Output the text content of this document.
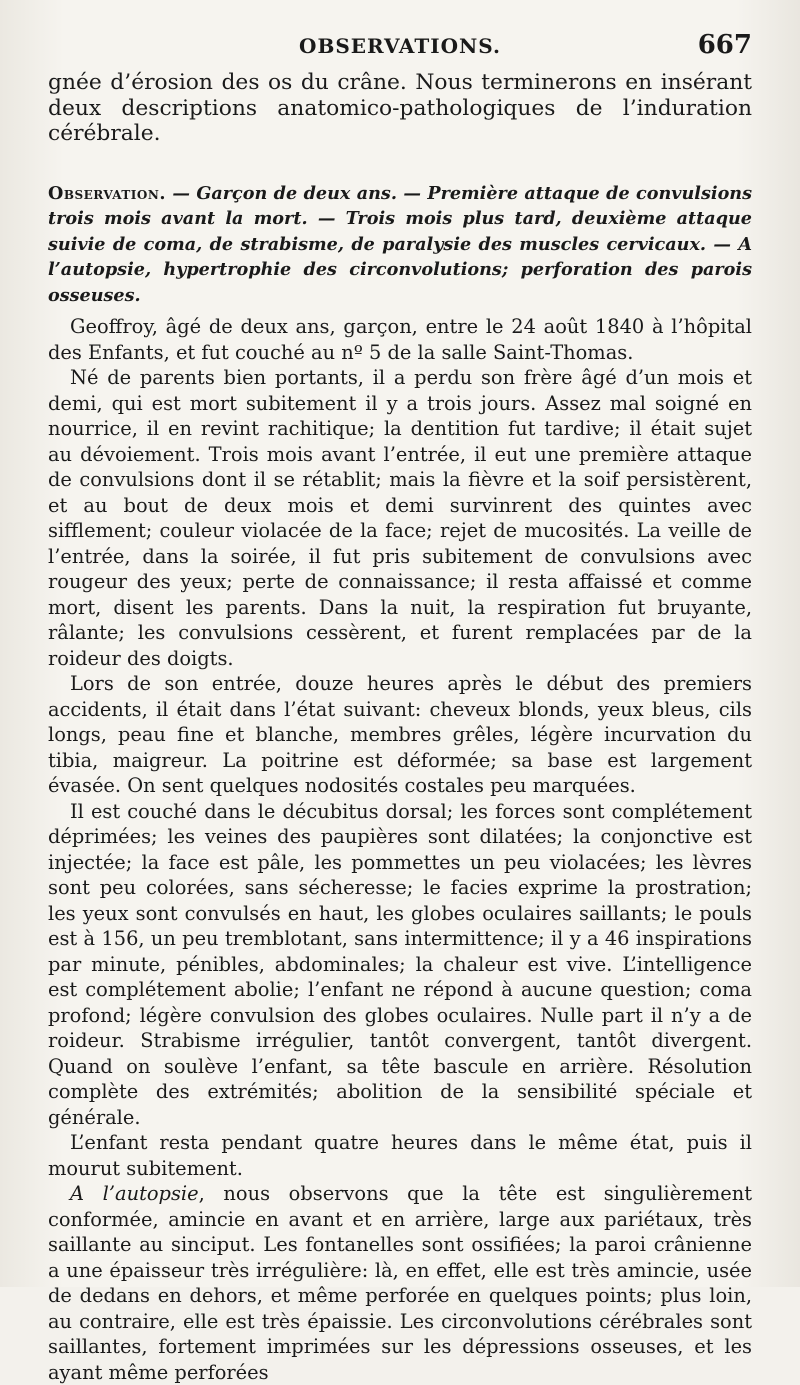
OBSERVATIONS.	667

gnée d’érosion des os du crâne. Nous terminerons en insérant deux descriptions anatomico-pathologiques de l’induration cérébrale.

Observation. — Garçon de deux ans. — Première attaque de convulsions trois mois avant la mort. — Trois mois plus tard, deuxième attaque suivie de coma, de strabisme, de paralysie des muscles cervicaux. — A l’autopsie, hypertrophie des circonvolutions; perforation des parois osseuses.

Geoffroy, âgé de deux ans, garçon, entre le 24 août 1840 à l’hôpital des Enfants, et fut couché au nº 5 de la salle Saint-Thomas.

Né de parents bien portants, il a perdu son frère âgé d’un mois et demi, qui est mort subitement il y a trois jours. Assez mal soigné en nourrice, il en revint rachitique; la dentition fut tardive; il était sujet au dévoiement. Trois mois avant l’entrée, il eut une première attaque de convulsions dont il se rétablit; mais la fièvre et la soif persistèrent, et au bout de deux mois et demi survinrent des quintes avec sifflement; couleur violacée de la face; rejet de mucosités. La veille de l’entrée, dans la soirée, il fut pris subitement de convulsions avec rougeur des yeux; perte de connaissance; il resta affaissé et comme mort, disent les parents. Dans la nuit, la respiration fut bruyante, râlante; les convulsions cessèrent, et furent remplacées par de la roideur des doigts.

Lors de son entrée, douze heures après le début des premiers accidents, il était dans l’état suivant: cheveux blonds, yeux bleus, cils longs, peau fine et blanche, membres grêles, légère incurvation du tibia, maigreur. La poitrine est déformée; sa base est largement évasée. On sent quelques nodosités costales peu marquées.

Il est couché dans le décubitus dorsal; les forces sont complétement déprimées; les veines des paupières sont dilatées; la conjonctive est injectée; la face est pâle, les pommettes un peu violacées; les lèvres sont peu colorées, sans sécheresse; le facies exprime la prostration; les yeux sont convulsés en haut, les globes oculaires saillants; le pouls est à 156, un peu tremblotant, sans intermittence; il y a 46 inspirations par minute, pénibles, abdominales; la chaleur est vive. L’intelligence est complétement abolie; l’enfant ne répond à aucune question; coma profond; légère convulsion des globes oculaires. Nulle part il n’y a de roideur. Strabisme irrégulier, tantôt convergent, tantôt divergent. Quand on soulève l’enfant, sa tête bascule en arrière. Résolution complète des extrémités; abolition de la sensibilité spéciale et générale.

L’enfant resta pendant quatre heures dans le même état, puis il mourut subitement.

A l’autopsie, nous observons que la tête est singulièrement conformée, amincie en avant et en arrière, large aux pariétaux, très saillante au sinciput. Les fontanelles sont ossifiées; la paroi crânienne a une épaisseur très irrégulière: là, en effet, elle est très amincie, usée de dedans en dehors, et même perforée en quelques points; plus loin, au contraire, elle est très épaissie. Les circonvolutions cérébrales sont saillantes, fortement imprimées sur les dépressions osseuses, et les ayant même perforées
